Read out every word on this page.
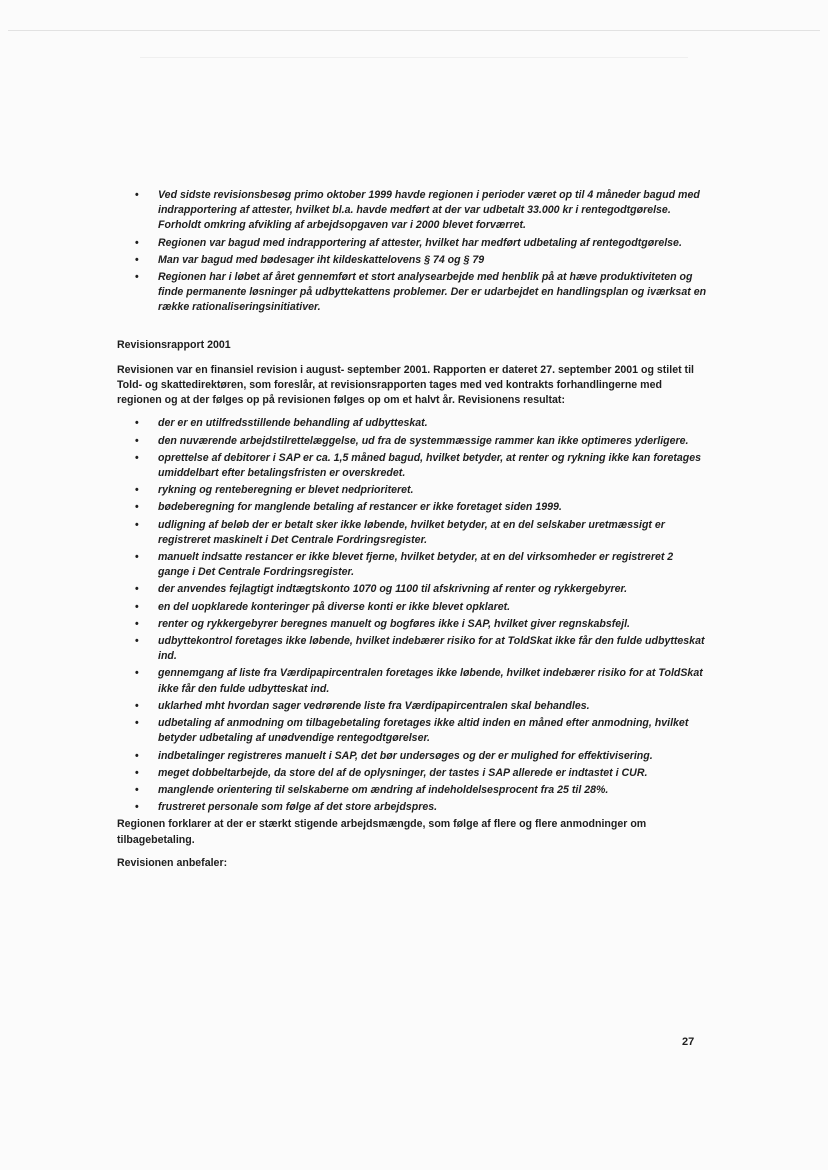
• Ved sidste revisionsbesøg primo oktober 1999 havde regionen i perioder været op til 4 måneder bagud med indrapportering af attester, hvilket bl.a. havde medført at der var udbetalt 33.000 kr i rentegodtgørelse. Forholdt omkring afvikling af arbejdsopgaven var i 2000 blevet forværret.
• Regionen var bagud med indrapportering af attester, hvilket har medført udbetaling af rentegodtgørelse.
• Man var bagud med bødesager iht kildeskattelovens § 74 og § 79
• Regionen har i løbet af året gennemført et stort analysearbejde med henblik på at hæve produktiviteten og finde permanente løsninger på udbyttekattens problemer. Der er udarbejdet en handlingsplan og iværksat en række rationaliseringsinitiativer.
Revisionsrapport 2001

Revisionen var en finansiel revision i august- september 2001. Rapporten er dateret 27. september 2001 og stilet til Told- og skattedirektøren, som foreslår, at revisionsrapporten tages med ved kontrakts forhandlingerne med regionen og at der følges op på revisionen følges op om et halvt år. Revisionens resultat:

• der er en utilfredsstillende behandling af udbytteskat.
• den nuværende arbejdstilrettelæggelse, ud fra de systemmæssige rammer kan ikke optimeres yderligere.
• oprettelse af debitorer i SAP er ca. 1,5 måned bagud, hvilket betyder, at renter og rykning ikke kan foretages umiddelbart efter betalingsfristen er overskredet.
• rykning og renteberegning er blevet nedprioriteret.
• bødeberegning for manglende betaling af restancer er ikke foretaget siden 1999.
• udligning af beløb der er betalt sker ikke løbende, hvilket betyder, at en del selskaber uretmæssigt er registreret maskinelt i Det Centrale Fordringsregister.
• manuelt indsatte restancer er ikke blevet fjerne, hvilket betyder, at en del virksomheder er registreret 2 gange i Det Centrale Fordringsregister.
• der anvendes fejlagtigt indtægtskonto 1070 og 1100 til afskrivning af renter og rykkergebyrer.
• en del uopklarede konteringer på diverse konti er ikke blevet opklaret.
• renter og rykkergebyrer beregnes manuelt og bogføres ikke i SAP, hvilket giver regnskabsfejl.
• udbyttekontrol foretages ikke løbende, hvilket indebærer risiko for at ToldSkat ikke får den fulde udbytteskat ind.
• gennemgang af liste fra Værdipapircentralen foretages ikke løbende, hvilket indebærer risiko for at ToldSkat ikke får den fulde udbytteskat ind.
• uklarhed mht hvordan sager vedrørende liste fra Værdipapircentralen skal behandles.
• udbetaling af anmodning om tilbagebetaling foretages ikke altid inden en måned efter anmodning, hvilket betyder udbetaling af unødvendige rentegodtgørelser.
• indbetalinger registreres manuelt i SAP, det bør undersøges og der er mulighed for effektivisering.
• meget dobbeltarbejde, da store del af de oplysninger, der tastes i SAP allerede er indtastet i CUR.
• manglende orientering til selskaberne om ændring af indeholdelsesprocent fra 25 til 28%.
• frustreret personale som følge af det store arbejdspres.

Regionen forklarer at der er stærkt stigende arbejdsmængde, som følge af flere og flere anmodninger om tilbagebetaling.

Revisionen anbefaler:

27
